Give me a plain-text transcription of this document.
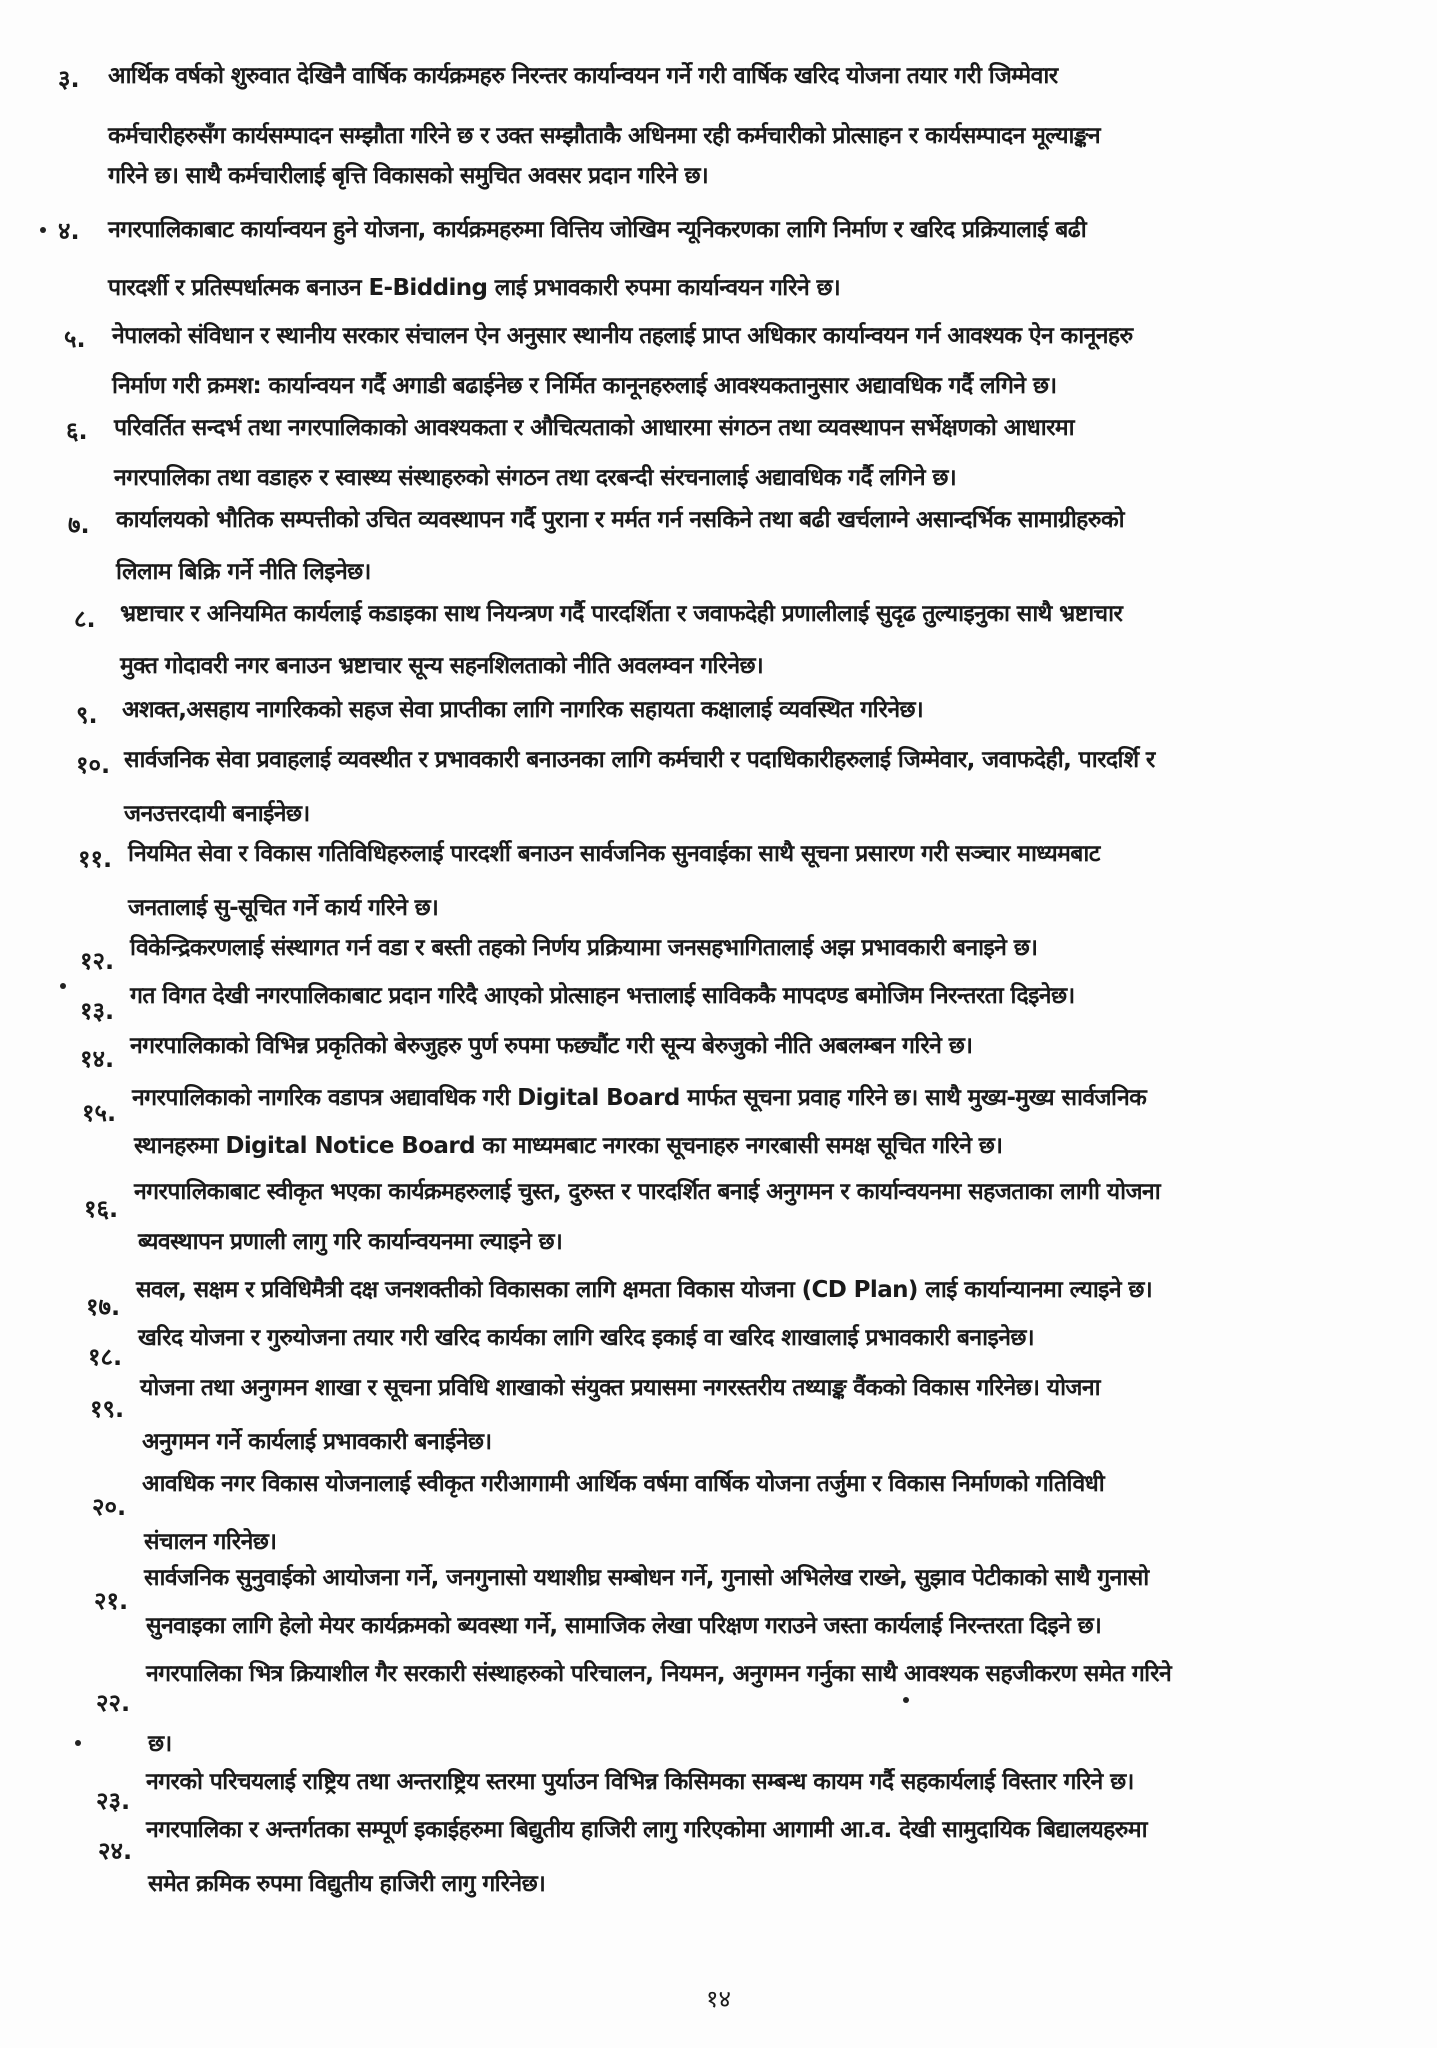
३. आर्थिक वर्षको शुरुवात देखिनै वार्षिक कार्यक्रमहरु निरन्तर कार्यान्वयन गर्ने गरी वार्षिक खरिद योजना तयार गरी जिम्मेवार
कर्मचारीहरुसँग कार्यसम्पादन सम्झौता गरिने छ र उक्त सम्झौताकै अधिनमा रही कर्मचारीको प्रोत्साहन र कार्यसम्पादन मूल्याङ्कन
गरिने छ। साथै कर्मचारीलाई बृत्ति विकासको समुचित अवसर प्रदान गरिने छ।
४. नगरपालिकाबाट कार्यान्वयन हुने योजना, कार्यक्रमहरुमा वित्तिय जोखिम न्यूनिकरणका लागि निर्माण र खरिद प्रक्रियालाई बढी
पारदर्शी र प्रतिस्पर्धात्मक बनाउन E-Bidding लाई प्रभावकारी रुपमा कार्यान्वयन गरिने छ।
५. नेपालको संविधान र स्थानीय सरकार संचालन ऐन अनुसार स्थानीय तहलाई प्राप्त अधिकार कार्यान्वयन गर्न आवश्यक ऐन कानूनहरु
निर्माण गरी क्रमश: कार्यान्वयन गर्दै अगाडी बढाईनेछ र निर्मित कानूनहरुलाई आवश्यकतानुसार अद्यावधिक गर्दै लगिने छ।
६. परिवर्तित सन्दर्भ तथा नगरपालिकाको आवश्यकता र औचित्यताको आधारमा संगठन तथा व्यवस्थापन सर्भेक्षणको आधारमा
नगरपालिका तथा वडाहरु र स्वास्थ्य संस्थाहरुको संगठन तथा दरबन्दी संरचनालाई अद्यावधिक गर्दै लगिने छ।
७. कार्यालयको भौतिक सम्पत्तीको उचित व्यवस्थापन गर्दै पुराना र मर्मत गर्न नसकिने तथा बढी खर्चलाग्ने असान्दर्भिक सामाग्रीहरुको
लिलाम बिक्रि गर्ने नीति लिइनेछ।
८. भ्रष्टाचार र अनियमित कार्यलाई कडाइका साथ नियन्त्रण गर्दै पारदर्शिता र जवाफदेही प्रणालीलाई सुदृढ तुल्याइनुका साथै भ्रष्टाचार
मुक्त गोदावरी नगर बनाउन भ्रष्टाचार सून्य सहनशिलताको नीति अवलम्वन गरिनेछ।
९. अशक्त,असहाय नागरिकको सहज सेवा प्राप्तीका लागि नागरिक सहायता कक्षालाई व्यवस्थित गरिनेछ।
१०. सार्वजनिक सेवा प्रवाहलाई व्यवस्थीत र प्रभावकारी बनाउनका लागि कर्मचारी र पदाधिकारीहरुलाई जिम्मेवार, जवाफदेही, पारदर्शि र
जनउत्तरदायी बनाईनेछ।
११. नियमित सेवा र विकास गतिविधिहरुलाई पारदर्शी बनाउन सार्वजनिक सुनवाईका साथै सूचना प्रसारण गरी सञ्चार माध्यमबाट
जनतालाई सु-सूचित गर्ने कार्य गरिने छ।
१२. विकेन्द्रिकरणलाई संस्थागत गर्न वडा र बस्ती तहको निर्णय प्रक्रियामा जनसहभागितालाई अझ प्रभावकारी बनाइने छ।
१३.
गत विगत देखी नगरपालिकाबाट प्रदान गरिदै आएको प्रोत्साहन भत्तालाई साविककै मापदण्ड बमोजिम निरन्तरता दिइनेछ।
१४. नगरपालिकाको विभिन्न प्रकृतिको बेरुजुहरु पुर्ण रुपमा फछ्यौंट गरी सून्य बेरुजुको नीति अबलम्बन गरिने छ।
१५.
नगरपालिकाको नागरिक वडापत्र अद्यावधिक गरी Digital Board मार्फत सूचना प्रवाह गरिने छ। साथै मुख्य-मुख्य सार्वजनिक
स्थानहरुमा Digital Notice Board का माध्यमबाट नगरका सूचनाहरु नगरबासी समक्ष सूचित गरिने छ।
१६.
नगरपालिकाबाट स्वीकृत भएका कार्यक्रमहरुलाई चुस्त, दुरुस्त र पारदर्शित बनाई अनुगमन र कार्यान्वयनमा सहजताका लागी योजना
ब्यवस्थापन प्रणाली लागु गरि कार्यान्वयनमा ल्याइने छ।
१७.
सवल, सक्षम र प्रविधिमैत्री दक्ष जनशक्तीको विकासका लागि क्षमता विकास योजना (CD Plan) लाई कार्यान्यानमा ल्याइने छ।
१८.
खरिद योजना र गुरुयोजना तयार गरी खरिद कार्यका लागि खरिद इकाई वा खरिद शाखालाई प्रभावकारी बनाइनेछ।
१९.
योजना तथा अनुगमन शाखा र सूचना प्रविधि शाखाको संयुक्त प्रयासमा नगरस्तरीय तथ्याङ्क वैंकको विकास गरिनेछ। योजना
अनुगमन गर्ने कार्यलाई प्रभावकारी बनाईनेछ।
२०.
आवधिक नगर विकास योजनालाई स्वीकृत गरीआगामी आर्थिक वर्षमा वार्षिक योजना तर्जुमा र विकास निर्माणको गतिविधी
संचालन गरिनेछ।
२१.
सार्वजनिक सुनुवाईको आयोजना गर्ने, जनगुनासो यथाशीघ्र सम्बोधन गर्ने, गुनासो अभिलेख राख्ने, सुझाव पेटीकाको साथै गुनासो
सुनवाइका लागि हेलो मेयर कार्यक्रमको ब्यवस्था गर्ने, सामाजिक लेखा परिक्षण गराउने जस्ता कार्यलाई निरन्तरता दिइने छ।
नगरपालिका भित्र क्रियाशील गैर सरकारी संस्थाहरुको परिचालन, नियमन, अनुगमन गर्नुका साथै आवश्यक सहजीकरण समेत गरिने
२२.
छ।
२३.
नगरको परिचयलाई राष्ट्रिय तथा अन्तराष्ट्रिय स्तरमा पुर्याउन विभिन्न किसिमका सम्बन्ध कायम गर्दै सहकार्यलाई विस्तार गरिने छ।
२४.
नगरपालिका र अन्तर्गतका सम्पूर्ण इकाईहरुमा बिद्युतीय हाजिरी लागु गरिएकोमा आगामी आ.व. देखी सामुदायिक बिद्यालयहरुमा
समेत क्रमिक रुपमा विद्युतीय हाजिरी लागु गरिनेछ।
१४
